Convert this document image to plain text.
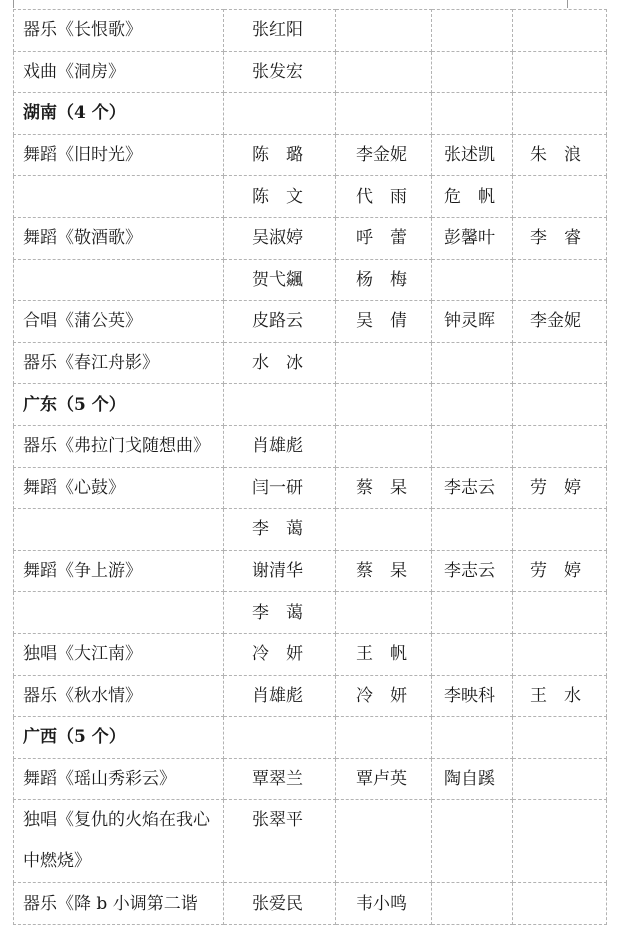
器乐《长恨歌》	张红阳			
戏曲《洞房》	张发宏			
湖南（4 个）				
舞蹈《旧时光》	陈　璐	李金妮	张述凯	朱　浪
	陈　文	代　雨	危　帆	
舞蹈《敬酒歌》	吴淑婷	呼　蕾	彭馨叶	李　睿
	贺弋飊	杨　梅		
合唱《蒲公英》	皮路云	吴　倩	钟灵晖	李金妮
器乐《春江舟影》	水　冰			
广东（5 个）				
器乐《弗拉门戈随想曲》	肖雄彪			
舞蹈《心鼓》	闫一研	蔡　杲	李志云	劳　婷
	李　蔼			
舞蹈《争上游》	谢清华	蔡　杲	李志云	劳　婷
	李　蔼			
独唱《大江南》	冷　妍	王　帆		
器乐《秋水情》	肖雄彪	冷　妍	李映科	王　水
广西（5 个）				
舞蹈《瑶山秀彩云》	覃翠兰	覃卢英	陶自蹊	
独唱《复仇的火焰在我心中燃烧》	张翠平			
器乐《降 b 小调第二谐	张爱民	韦小鸣		
